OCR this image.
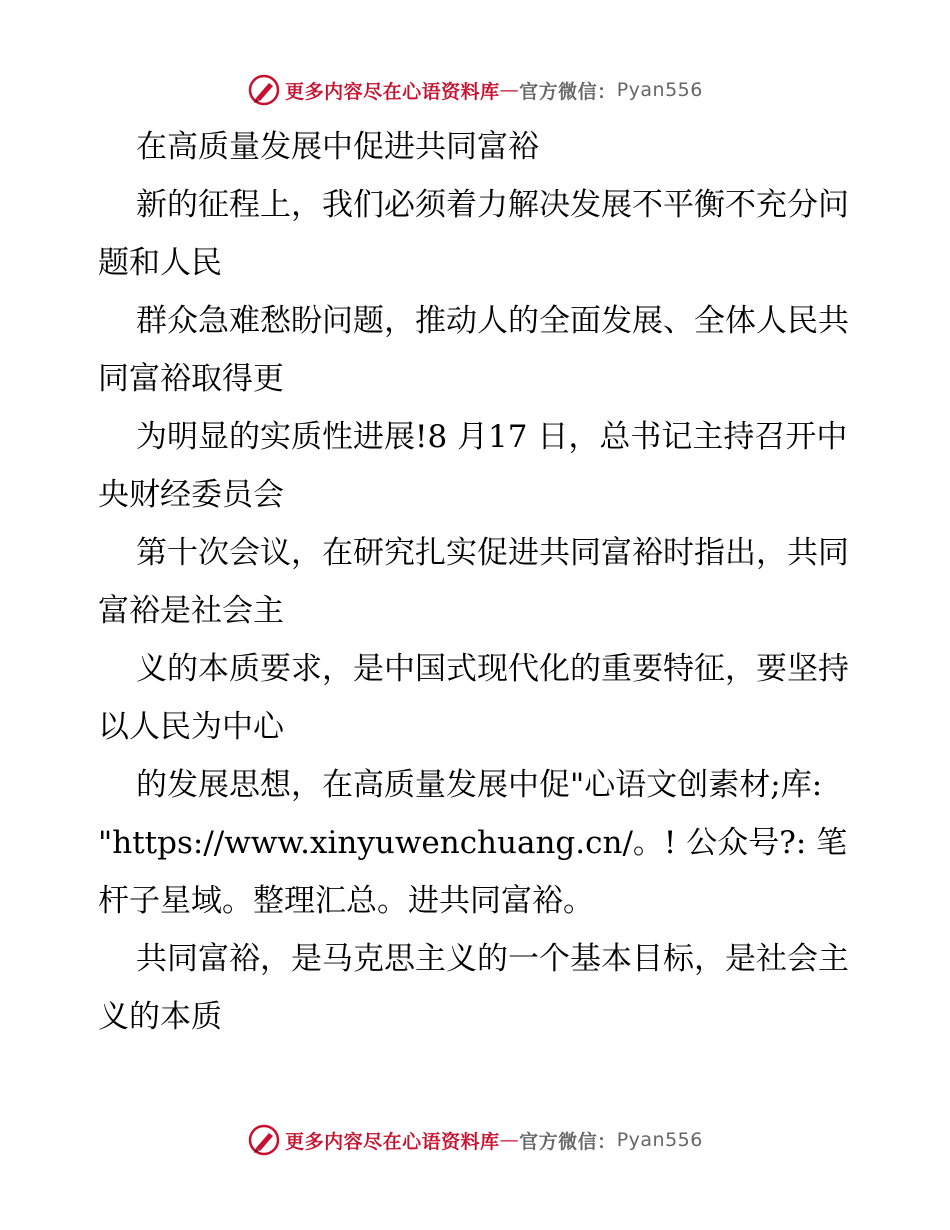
更多内容尽在心语资料库 — 官方微信： Pyan556

在高质量发展中促进共同富裕

新的征程上，我们必须着力解决发展不平衡不充分问题和人民

群众急难愁盼问题，推动人的全面发展、全体人民共同富裕取得更

为明显的实质性进展!8 月17 日，总书记主持召开中央财经委员会

第十次会议，在研究扎实促进共同富裕时指出，共同富裕是社会主

义的本质要求，是中国式现代化的重要特征，要坚持以人民为中心

的发展思想，在高质量发展中促"心语文创素材;库: "https://www.xinyuwenchuang.cn/。! 公众号?: 笔杆子星域。整理汇总。进共同富裕。

共同富裕，是马克思主义的一个基本目标，是社会主义的本质

更多内容尽在心语资料库 — 官方微信： Pyan556
